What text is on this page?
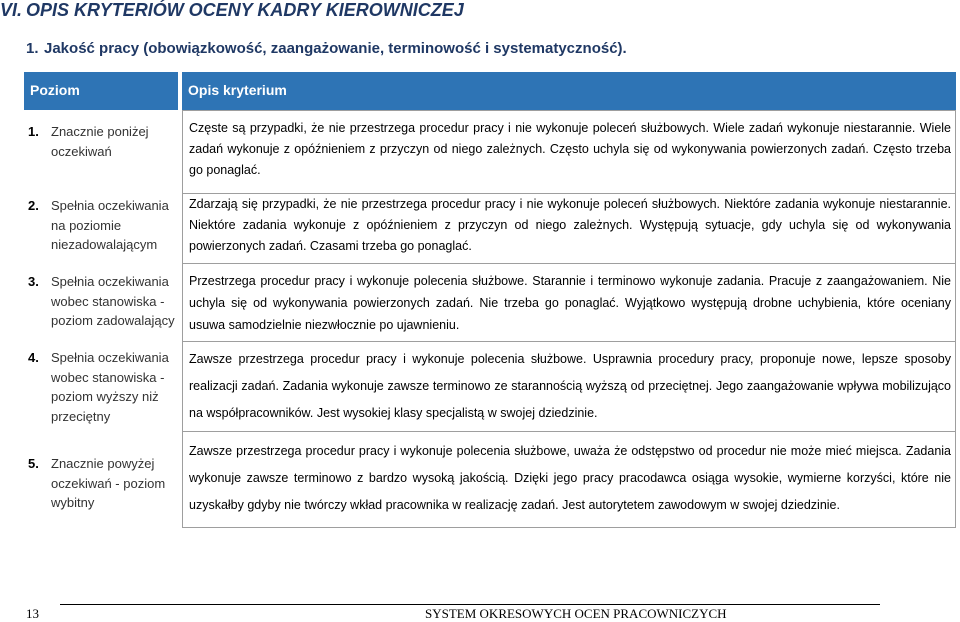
VI. OPIS KRYTERIÓW OCENY KADRY KIEROWNICZEJ
1. Jakość pracy (obowiązkowość, zaangażowanie, terminowość i systematyczność).
Poziom	Opis kryterium
1. Znacznie poniżej oczekiwań
Częste są przypadki, że nie przestrzega procedur pracy i nie wykonuje poleceń służbowych. Wiele zadań wykonuje niestarannie. Wiele zadań wykonuje z opóźnieniem z przyczyn od niego zależnych. Często uchyla się od wykonywania powierzonych zadań. Często trzeba go ponaglać.
2. Spełnia oczekiwania na poziomie niezadowalającym
Zdarzają się przypadki, że nie przestrzega procedur pracy i nie wykonuje poleceń służbowych. Niektóre zadania wykonuje niestarannie. Niektóre zadania wykonuje z opóźnieniem z przyczyn od niego zależnych. Występują sytuacje, gdy uchyla się od wykonywania powierzonych zadań. Czasami trzeba go ponaglać.
3. Spełnia oczekiwania wobec stanowiska - poziom zadowalający
Przestrzega procedur pracy i wykonuje polecenia służbowe. Starannie i terminowo wykonuje zadania. Pracuje z zaangażowaniem. Nie uchyla się od wykonywania powierzonych zadań. Nie trzeba go ponaglać. Wyjątkowo występują drobne uchybienia, które oceniany usuwa samodzielnie niezwłocznie po ujawnieniu.
4. Spełnia oczekiwania wobec stanowiska - poziom wyższy niż przeciętny
Zawsze przestrzega procedur pracy i wykonuje polecenia służbowe. Usprawnia procedury pracy, proponuje nowe, lepsze sposoby realizacji zadań. Zadania wykonuje zawsze terminowo ze starannością wyższą od przeciętnej. Jego zaangażowanie wpływa mobilizująco na współpracowników. Jest wysokiej klasy specjalistą w swojej dziedzinie.
5. Znacznie powyżej oczekiwań - poziom wybitny
Zawsze przestrzega procedur pracy i wykonuje polecenia służbowe, uważa że odstępstwo od procedur nie może mieć miejsca. Zadania wykonuje zawsze terminowo z bardzo wysoką jakością. Dzięki jego pracy pracodawca osiąga wysokie, wymierne korzyści, które nie uzyskałby gdyby nie twórczy wkład pracownika w realizację zadań. Jest autorytetem zawodowym w swojej dziedzinie.
13	SYSTEM OKRESOWYCH OCEN PRACOWNICZYCH
